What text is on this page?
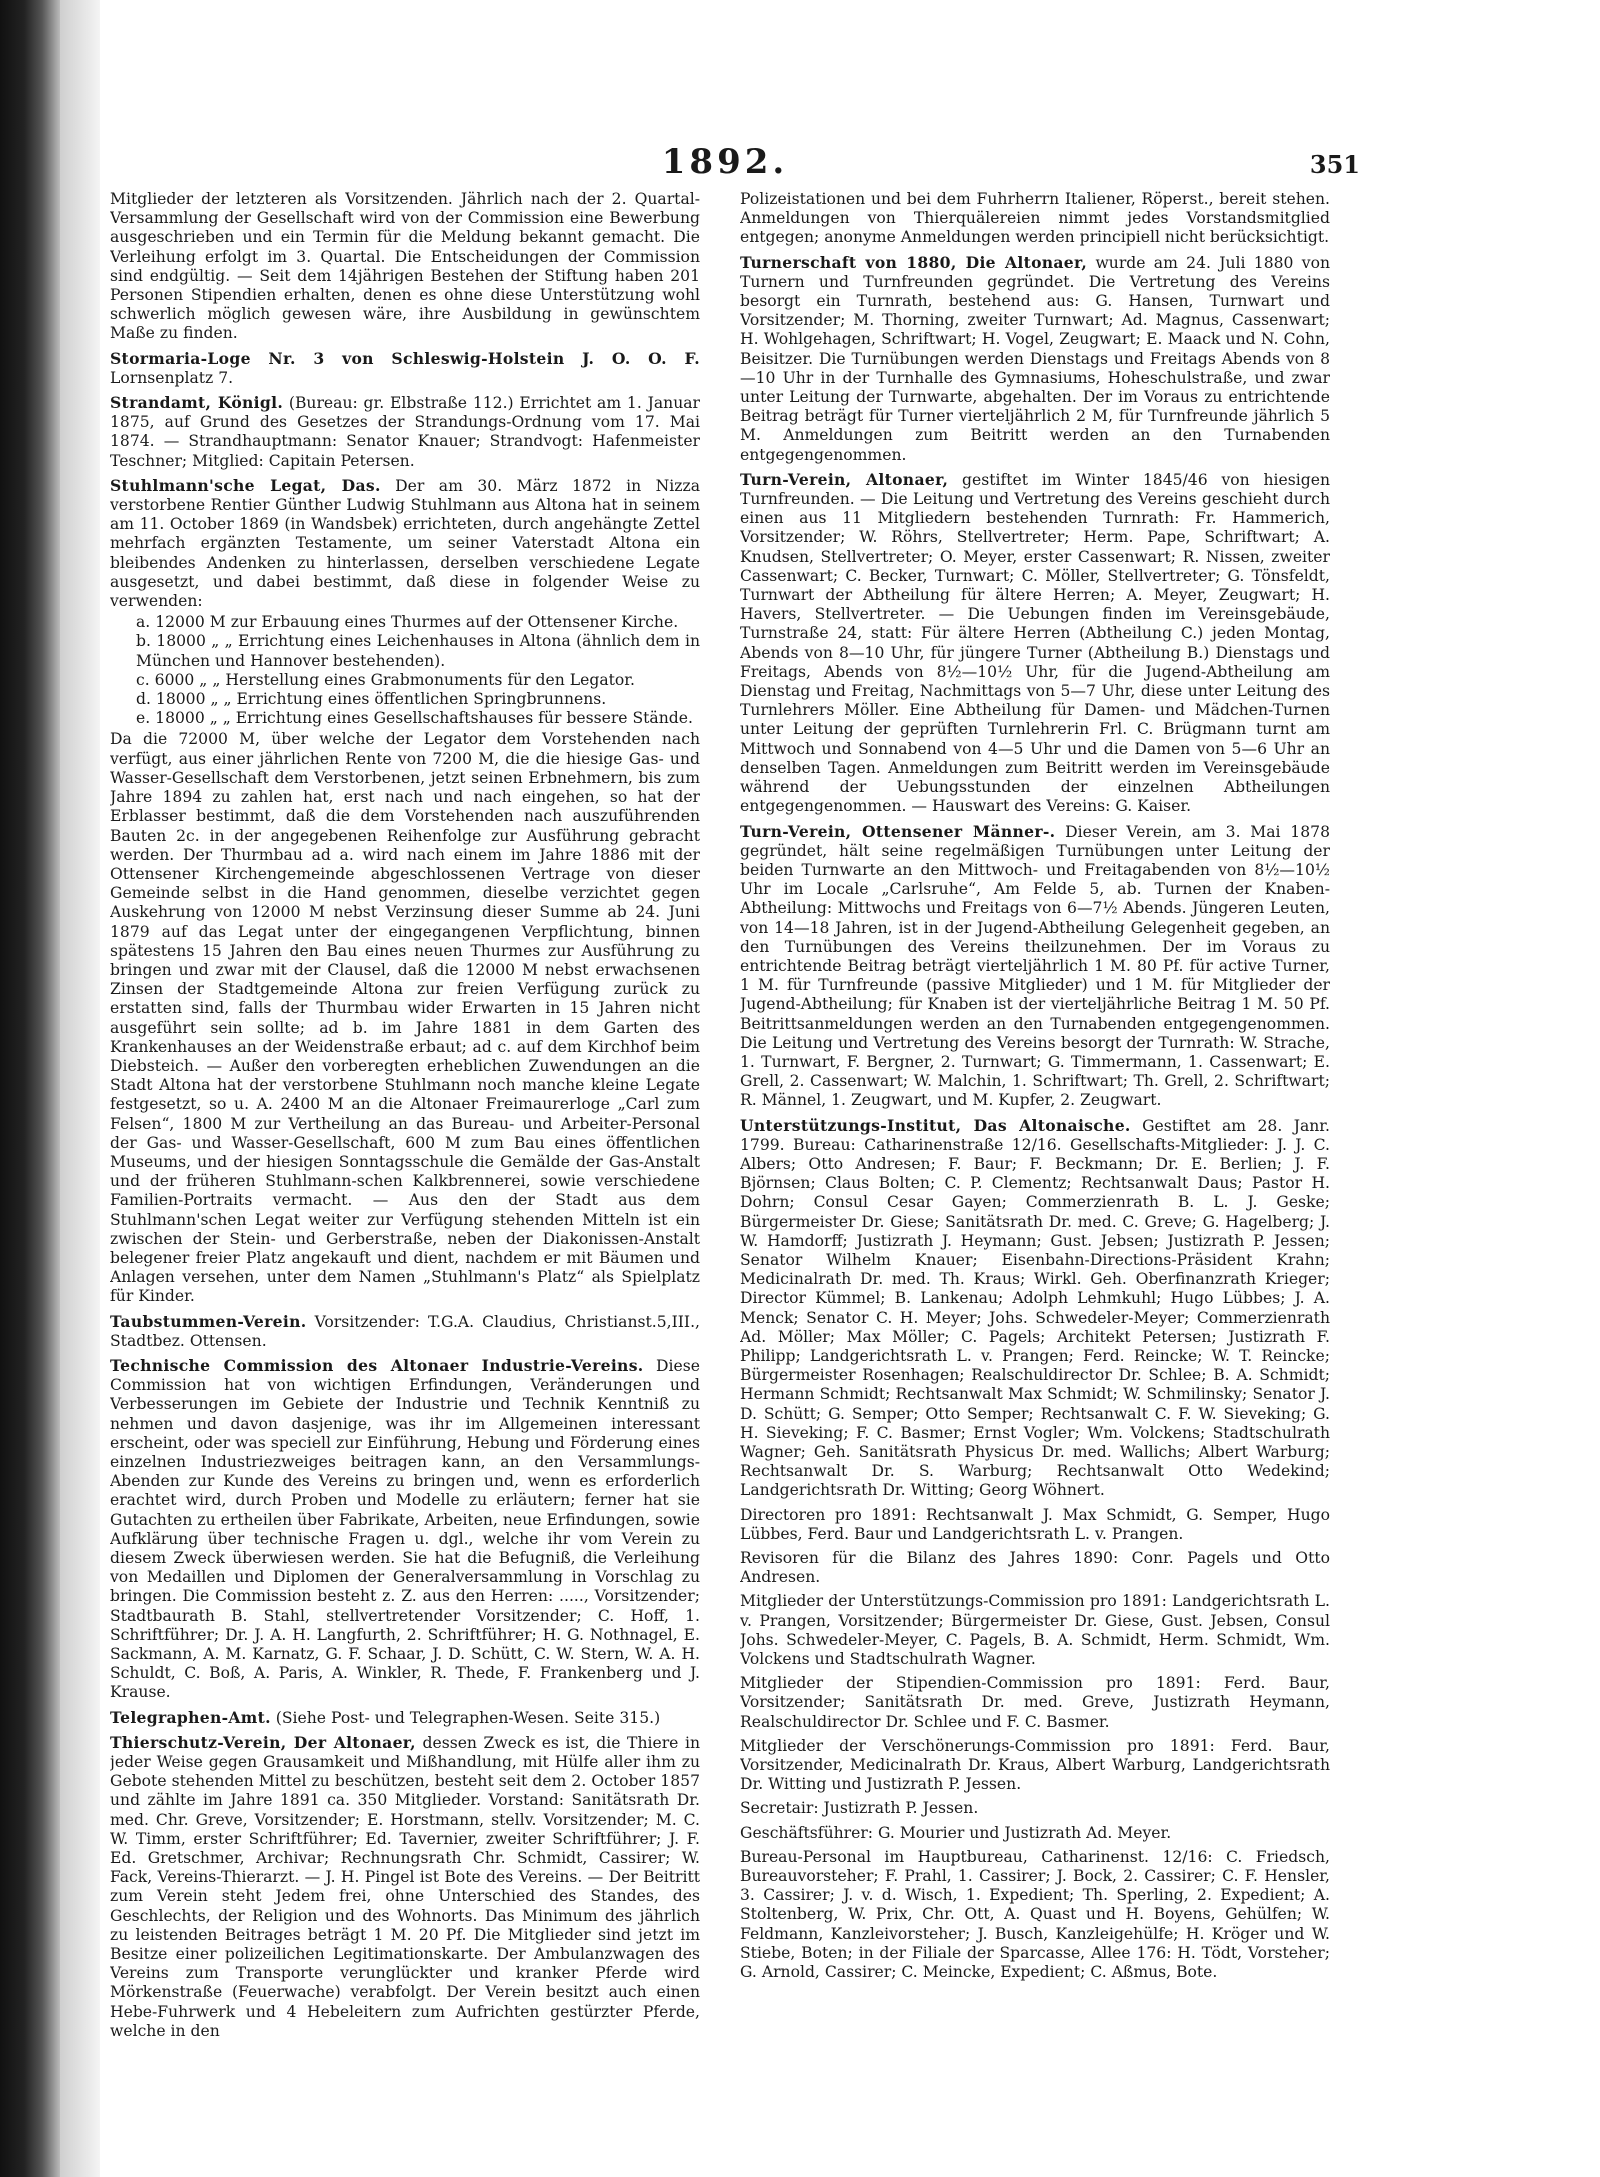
1892.	351

Mitglieder der letzteren als Vorsitzenden. Jährlich nach der 2. Quartal-Versammlung der Gesellschaft wird von der Commission eine Bewerbung ausgeschrieben und ein Termin für die Meldung bekannt gemacht. Die Verleihung erfolgt im 3. Quartal. Die Entscheidungen der Commission sind endgültig. — Seit dem 14jährigen Bestehen der Stiftung haben 201 Personen Stipendien erhalten, denen es ohne diese Unterstützung wohl schwerlich möglich gewesen wäre, ihre Ausbildung in gewünschtem Maße zu finden.

Stormaria-Loge Nr. 3 von Schleswig-Holstein J. O. O. F. Lornsenplatz 7.

Strandamt, Königl. (Bureau: gr. Elbstraße 112.) Errichtet am 1. Januar 1875, auf Grund des Gesetzes der Strandungs-Ordnung vom 17. Mai 1874. — Strandhauptmann: Senator Knauer; Strandvogt: Hafenmeister Teschner; Mitglied: Capitain Petersen.

Stuhlmann'sche Legat, Das. Der am 30. März 1872 in Nizza verstorbene Rentier Günther Ludwig Stuhlmann aus Altona hat in seinem am 11. October 1869 (in Wandsbek) errichteten, durch angehängte Zettel mehrfach ergänzten Testamente, um seiner Vaterstadt Altona ein bleibendes Andenken zu hinterlassen, derselben verschiedene Legate ausgesetzt, und dabei bestimmt, daß diese in folgender Weise zu verwenden:

a. 12000 M zur Erbauung eines Thurmes auf der Ottensener Kirche.
b. 18000 „ „ Errichtung eines Leichenhauses in Altona (ähnlich dem in München und Hannover bestehenden).
c. 6000 „ „ Herstellung eines Grabmonuments für den Legator.
d. 18000 „ „ Errichtung eines öffentlichen Springbrunnens.
e. 18000 „ „ Errichtung eines Gesellschaftshauses für bessere Stände.

Da die 72000 M, über welche der Legator dem Vorstehenden nach verfügt, aus einer jährlichen Rente von 7200 M, die die hiesige Gas- und Wasser-Gesellschaft dem Verstorbenen, jetzt seinen Erbnehmern, bis zum Jahre 1894 zu zahlen hat, erst nach und nach eingehen, so hat der Erblasser bestimmt, daß die dem Vorstehenden nach auszuführenden Bauten 2c. in der angegebenen Reihenfolge zur Ausführung gebracht werden. Der Thurmbau ad a. wird nach einem im Jahre 1886 mit der Ottensener Kirchengemeinde abgeschlossenen Vertrage von dieser Gemeinde selbst in die Hand genommen, dieselbe verzichtet gegen Auskehrung von 12000 M nebst Verzinsung dieser Summe ab 24. Juni 1879 auf das Legat unter der eingegangenen Verpflichtung, binnen spätestens 15 Jahren den Bau eines neuen Thurmes zur Ausführung zu bringen und zwar mit der Clausel, daß die 12000 M nebst erwachsenen Zinsen der Stadtgemeinde Altona zur freien Verfügung zurück zu erstatten sind, falls der Thurmbau wider Erwarten in 15 Jahren nicht ausgeführt sein sollte; ad b. im Jahre 1881 in dem Garten des Krankenhauses an der Weidenstraße erbaut; ad c. auf dem Kirchhof beim Diebsteich. — Außer den vorberegten erheblichen Zuwendungen an die Stadt Altona hat der verstorbene Stuhlmann noch manche kleine Legate festgesetzt, so u. A. 2400 M an die Altonaer Freimaurerloge „Carl zum Felsen“, 1800 M zur Vertheilung an das Bureau- und Arbeiter-Personal der Gas- und Wasser-Gesellschaft, 600 M zum Bau eines öffentlichen Museums, und der hiesigen Sonntagsschule die Gemälde der Gas-Anstalt und der früheren Stuhlmann-schen Kalkbrennerei, sowie verschiedene Familien-Portraits vermacht. — Aus den der Stadt aus dem Stuhlmann'schen Legat weiter zur Verfügung stehenden Mitteln ist ein zwischen der Stein- und Gerberstraße, neben der Diakonissen-Anstalt belegener freier Platz angekauft und dient, nachdem er mit Bäumen und Anlagen versehen, unter dem Namen „Stuhlmann's Platz“ als Spielplatz für Kinder.

Taubstummen-Verein. Vorsitzender: T.G.A. Claudius, Christianst.5,III., Stadtbez. Ottensen.

Technische Commission des Altonaer Industrie-Vereins. Diese Commission hat von wichtigen Erfindungen, Veränderungen und Verbesserungen im Gebiete der Industrie und Technik Kenntniß zu nehmen und davon dasjenige, was ihr im Allgemeinen interessant erscheint, oder was speciell zur Einführung, Hebung und Förderung eines einzelnen Industriezweiges beitragen kann, an den Versammlungs-Abenden zur Kunde des Vereins zu bringen und, wenn es erforderlich erachtet wird, durch Proben und Modelle zu erläutern; ferner hat sie Gutachten zu ertheilen über Fabrikate, Arbeiten, neue Erfindungen, sowie Aufklärung über technische Fragen u. dgl., welche ihr vom Verein zu diesem Zweck überwiesen werden. Sie hat die Befugniß, die Verleihung von Medaillen und Diplomen der Generalversammlung in Vorschlag zu bringen. Die Commission besteht z. Z. aus den Herren: ....., Vorsitzender; Stadtbaurath B. Stahl, stellvertretender Vorsitzender; C. Hoff, 1. Schriftführer; Dr. J. A. H. Langfurth, 2. Schriftführer; H. G. Nothnagel, E. Sackmann, A. M. Karnatz, G. F. Schaar, J. D. Schütt, C. W. Stern, W. A. H. Schuldt, C. Boß, A. Paris, A. Winkler, R. Thede, F. Frankenberg und J. Krause.

Telegraphen-Amt. (Siehe Post- und Telegraphen-Wesen. Seite 315.)

Thierschutz-Verein, Der Altonaer, dessen Zweck es ist, die Thiere in jeder Weise gegen Grausamkeit und Mißhandlung, mit Hülfe aller ihm zu Gebote stehenden Mittel zu beschützen, besteht seit dem 2. October 1857 und zählte im Jahre 1891 ca. 350 Mitglieder. Vorstand: Sanitätsrath Dr. med. Chr. Greve, Vorsitzender; E. Horstmann, stellv. Vorsitzender; M. C. W. Timm, erster Schriftführer; Ed. Tavernier, zweiter Schriftführer; J. F. Ed. Gretschmer, Archivar; Rechnungsrath Chr. Schmidt, Cassirer; W. Fack, Vereins-Thierarzt. — J. H. Pingel ist Bote des Vereins. — Der Beitritt zum Verein steht Jedem frei, ohne Unterschied des Standes, des Geschlechts, der Religion und des Wohnorts. Das Minimum des jährlich zu leistenden Beitrages beträgt 1 M. 20 Pf. Die Mitglieder sind jetzt im Besitze einer polizeilichen Legitimationskarte. Der Ambulanzwagen des Vereins zum Transporte verunglückter und kranker Pferde wird Mörkenstraße (Feuerwache) verabfolgt. Der Verein besitzt auch einen Hebe-Fuhrwerk und 4 Hebeleitern zum Aufrichten gestürzter Pferde, welche in den

Polizeistationen und bei dem Fuhrherrn Italiener, Röperst., bereit stehen. Anmeldungen von Thierquälereien nimmt jedes Vorstandsmitglied entgegen; anonyme Anmeldungen werden principiell nicht berücksichtigt.

Turnerschaft von 1880, Die Altonaer, wurde am 24. Juli 1880 von Turnern und Turnfreunden gegründet. Die Vertretung des Vereins besorgt ein Turnrath, bestehend aus: G. Hansen, Turnwart und Vorsitzender; M. Thorning, zweiter Turnwart; Ad. Magnus, Cassenwart; H. Wohlgehagen, Schriftwart; H. Vogel, Zeugwart; E. Maack und N. Cohn, Beisitzer. Die Turnübungen werden Dienstags und Freitags Abends von 8—10 Uhr in der Turnhalle des Gymnasiums, Hoheschulstraße, und zwar unter Leitung der Turnwarte, abgehalten. Der im Voraus zu entrichtende Beitrag beträgt für Turner vierteljährlich 2 M, für Turnfreunde jährlich 5 M. Anmeldungen zum Beitritt werden an den Turnabenden entgegengenommen.

Turn-Verein, Altonaer, gestiftet im Winter 1845/46 von hiesigen Turnfreunden. — Die Leitung und Vertretung des Vereins geschieht durch einen aus 11 Mitgliedern bestehenden Turnrath: Fr. Hammerich, Vorsitzender; W. Röhrs, Stellvertreter; Herm. Pape, Schriftwart; A. Knudsen, Stellvertreter; O. Meyer, erster Cassenwart; R. Nissen, zweiter Cassenwart; C. Becker, Turnwart; C. Möller, Stellvertreter; G. Tönsfeldt, Turnwart der Abtheilung für ältere Herren; A. Meyer, Zeugwart; H. Havers, Stellvertreter. — Die Uebungen finden im Vereinsgebäude, Turnstraße 24, statt: Für ältere Herren (Abtheilung C.) jeden Montag, Abends von 8—10 Uhr, für jüngere Turner (Abtheilung B.) Dienstags und Freitags, Abends von 8½—10½ Uhr, für die Jugend-Abtheilung am Dienstag und Freitag, Nachmittags von 5—7 Uhr, diese unter Leitung des Turnlehrers Möller. Eine Abtheilung für Damen- und Mädchen-Turnen unter Leitung der geprüften Turnlehrerin Frl. C. Brügmann turnt am Mittwoch und Sonnabend von 4—5 Uhr und die Damen von 5—6 Uhr an denselben Tagen. Anmeldungen zum Beitritt werden im Vereinsgebäude während der Uebungsstunden der einzelnen Abtheilungen entgegengenommen. — Hauswart des Vereins: G. Kaiser.

Turn-Verein, Ottensener Männer-. Dieser Verein, am 3. Mai 1878 gegründet, hält seine regelmäßigen Turnübungen unter Leitung der beiden Turnwarte an den Mittwoch- und Freitagabenden von 8½—10½ Uhr im Locale „Carlsruhe“, Am Felde 5, ab. Turnen der Knaben-Abtheilung: Mittwochs und Freitags von 6—7½ Abends. Jüngeren Leuten, von 14—18 Jahren, ist in der Jugend-Abtheilung Gelegenheit gegeben, an den Turnübungen des Vereins theilzunehmen. Der im Voraus zu entrichtende Beitrag beträgt vierteljährlich 1 M. 80 Pf. für active Turner, 1 M. für Turnfreunde (passive Mitglieder) und 1 M. für Mitglieder der Jugend-Abtheilung; für Knaben ist der vierteljährliche Beitrag 1 M. 50 Pf. Beitrittsanmeldungen werden an den Turnabenden entgegengenommen. Die Leitung und Vertretung des Vereins besorgt der Turnrath: W. Strache, 1. Turnwart, F. Bergner, 2. Turnwart; G. Timmermann, 1. Cassenwart; E. Grell, 2. Cassenwart; W. Malchin, 1. Schriftwart; Th. Grell, 2. Schriftwart; R. Männel, 1. Zeugwart, und M. Kupfer, 2. Zeugwart.

Unterstützungs-Institut, Das Altonaische. Gestiftet am 28. Janr. 1799. Bureau: Catharinenstraße 12/16. Gesellschafts-Mitglieder: J. J. C. Albers; Otto Andresen; F. Baur; F. Beckmann; Dr. E. Berlien; J. F. Björnsen; Claus Bolten; C. P. Clementz; Rechtsanwalt Daus; Pastor H. Dohrn; Consul Cesar Gayen; Commerzienrath B. L. J. Geske; Bürgermeister Dr. Giese; Sanitätsrath Dr. med. C. Greve; G. Hagelberg; J. W. Hamdorff; Justizrath J. Heymann; Gust. Jebsen; Justizrath P. Jessen; Senator Wilhelm Knauer; Eisenbahn-Directions-Präsident Krahn; Medicinalrath Dr. med. Th. Kraus; Wirkl. Geh. Oberfinanzrath Krieger; Director Kümmel; B. Lankenau; Adolph Lehmkuhl; Hugo Lübbes; J. A. Menck; Senator C. H. Meyer; Johs. Schwedeler-Meyer; Commerzienrath Ad. Möller; Max Möller; C. Pagels; Architekt Petersen; Justizrath F. Philipp; Landgerichtsrath L. v. Prangen; Ferd. Reincke; W. T. Reincke; Bürgermeister Rosenhagen; Realschuldirector Dr. Schlee; B. A. Schmidt; Hermann Schmidt; Rechtsanwalt Max Schmidt; W. Schmilinsky; Senator J. D. Schütt; G. Semper; Otto Semper; Rechtsanwalt C. F. W. Sieveking; G. H. Sieveking; F. C. Basmer; Ernst Vogler; Wm. Volckens; Stadtschulrath Wagner; Geh. Sanitätsrath Physicus Dr. med. Wallichs; Albert Warburg; Rechtsanwalt Dr. S. Warburg; Rechtsanwalt Otto Wedekind; Landgerichtsrath Dr. Witting; Georg Wöhnert.

Directoren pro 1891: Rechtsanwalt J. Max Schmidt, G. Semper, Hugo Lübbes, Ferd. Baur und Landgerichtsrath L. v. Prangen.

Revisoren für die Bilanz des Jahres 1890: Conr. Pagels und Otto Andresen.

Mitglieder der Unterstützungs-Commission pro 1891: Landgerichtsrath L. v. Prangen, Vorsitzender; Bürgermeister Dr. Giese, Gust. Jebsen, Consul Johs. Schwedeler-Meyer, C. Pagels, B. A. Schmidt, Herm. Schmidt, Wm. Volckens und Stadtschulrath Wagner.

Mitglieder der Stipendien-Commission pro 1891: Ferd. Baur, Vorsitzender; Sanitätsrath Dr. med. Greve, Justizrath Heymann, Realschuldirector Dr. Schlee und F. C. Basmer.

Mitglieder der Verschönerungs-Commission pro 1891: Ferd. Baur, Vorsitzender, Medicinalrath Dr. Kraus, Albert Warburg, Landgerichtsrath Dr. Witting und Justizrath P. Jessen.

Secretair: Justizrath P. Jessen.

Geschäftsführer: G. Mourier und Justizrath Ad. Meyer.

Bureau-Personal im Hauptbureau, Catharinenst. 12/16: C. Friedsch, Bureauvorsteher; F. Prahl, 1. Cassirer; J. Bock, 2. Cassirer; C. F. Hensler, 3. Cassirer; J. v. d. Wisch, 1. Expedient; Th. Sperling, 2. Expedient; A. Stoltenberg, W. Prix, Chr. Ott, A. Quast und H. Boyens, Gehülfen; W. Feldmann, Kanzleivorsteher; J. Busch, Kanzleigehülfe; H. Kröger und W. Stiebe, Boten; in der Filiale der Sparcasse, Allee 176: H. Tödt, Vorsteher; G. Arnold, Cassirer; C. Meincke, Expedient; C. Aßmus, Bote.
